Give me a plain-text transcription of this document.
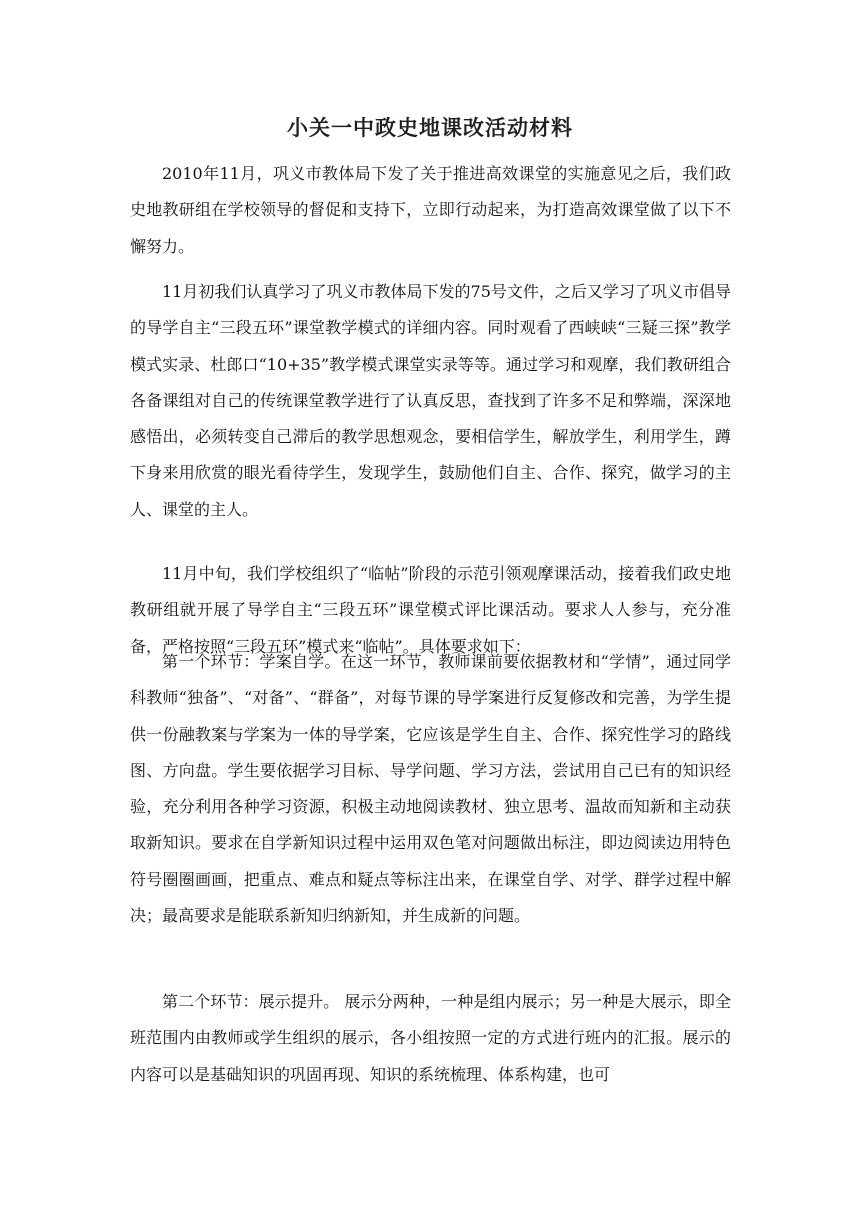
小关一中政史地课改活动材料

2010年11月，巩义市教体局下发了关于推进高效课堂的实施意见之后，我们政史地教研组在学校领导的督促和支持下，立即行动起来，为打造高效课堂做了以下不懈努力。

11月初我们认真学习了巩义市教体局下发的75号文件，之后又学习了巩义市倡导的导学自主“三段五环”课堂教学模式的详细内容。同时观看了西峡峡“三疑三探”教学模式实录、杜郎口“10+35”教学模式课堂实录等等。通过学习和观摩，我们教研组合各备课组对自己的传统课堂教学进行了认真反思，查找到了许多不足和弊端，深深地感悟出，必须转变自己滞后的教学思想观念，要相信学生，解放学生，利用学生，蹲下身来用欣赏的眼光看待学生，发现学生，鼓励他们自主、合作、探究，做学习的主人、课堂的主人。

11月中旬，我们学校组织了“临帖”阶段的示范引领观摩课活动，接着我们政史地教研组就开展了导学自主“三段五环”课堂模式评比课活动。要求人人参与，充分准备，严格按照“三段五环”模式来“临帖”。具体要求如下：

第一个环节：学案自学。在这一环节，教师课前要依据教材和“学情”，通过同学科教师“独备”、“对备”、“群备”，对每节课的导学案进行反复修改和完善，为学生提供一份融教案与学案为一体的导学案，它应该是学生自主、合作、探究性学习的路线图、方向盘。学生要依据学习目标、导学问题、学习方法，尝试用自己已有的知识经验，充分利用各种学习资源，积极主动地阅读教材、独立思考、温故而知新和主动获取新知识。要求在自学新知识过程中运用双色笔对问题做出标注，即边阅读边用特色符号圈圈画画，把重点、难点和疑点等标注出来，在课堂自学、对学、群学过程中解决；最高要求是能联系新知归纳新知，并生成新的问题。

第二个环节：展示提升。 展示分两种，一种是组内展示；另一种是大展示，即全班范围内由教师或学生组织的展示，各小组按照一定的方式进行班内的汇报。展示的内容可以是基础知识的巩固再现、知识的系统梳理、体系构建，也可
